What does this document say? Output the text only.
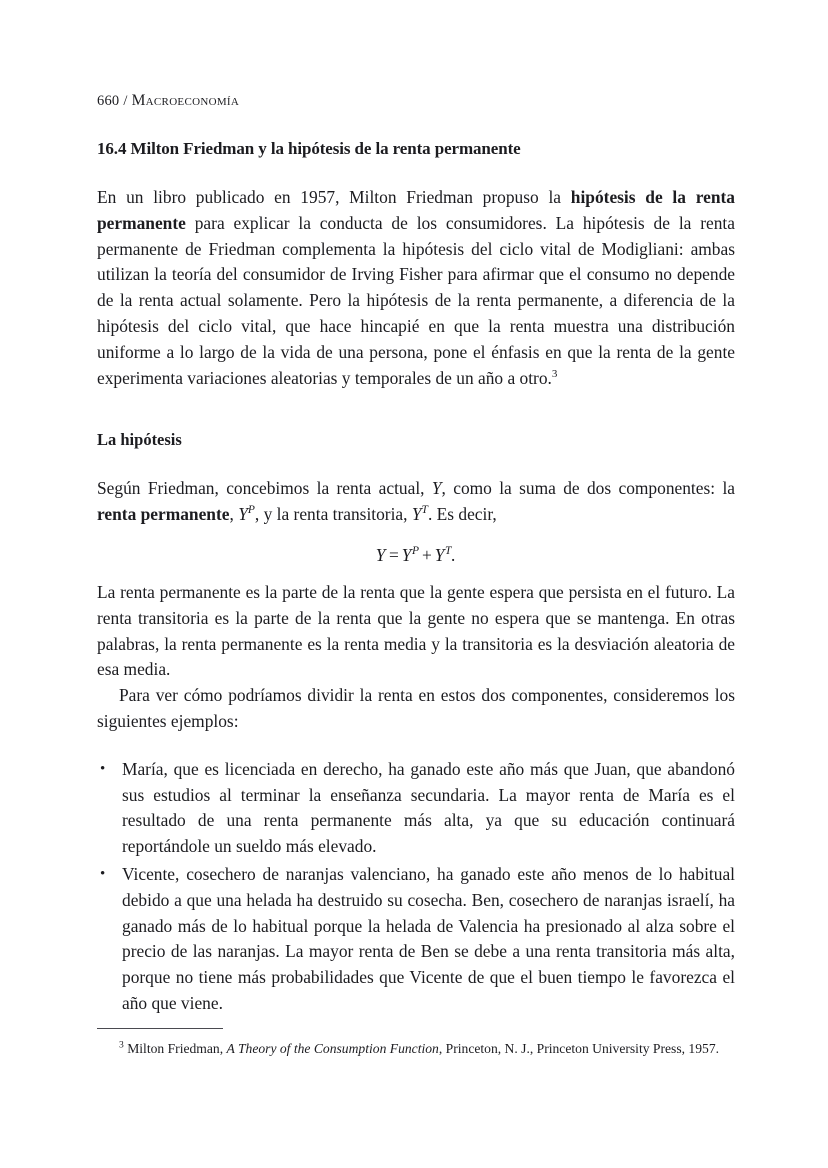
660 / Macroeconomía
16.4 Milton Friedman y la hipótesis de la renta permanente

En un libro publicado en 1957, Milton Friedman propuso la hipótesis de la renta permanente para explicar la conducta de los consumidores. La hipótesis de la renta permanente de Friedman complementa la hipótesis del ciclo vital de Modigliani: ambas utilizan la teoría del consumidor de Irving Fisher para afirmar que el consumo no depende de la renta actual solamente. Pero la hipótesis de la renta permanente, a diferencia de la hipótesis del ciclo vital, que hace hincapié en que la renta muestra una distribución uniforme a lo largo de la vida de una persona, pone el énfasis en que la renta de la gente experimenta variaciones aleatorias y temporales de un año a otro.$^3$

La hipótesis

Según Friedman, concebimos la renta actual, Y, como la suma de dos componentes: la renta permanente, $Y^P$, y la renta transitoria, $Y^T$. Es decir,

$Y = Y^P + Y^T$.

La renta permanente es la parte de la renta que la gente espera que persista en el futuro. La renta transitoria es la parte de la renta que la gente no espera que se mantenga. En otras palabras, la renta permanente es la renta media y la transitoria es la desviación aleatoria de esa media.

Para ver cómo podríamos dividir la renta en estos dos componentes, consideremos los siguientes ejemplos:

• María, que es licenciada en derecho, ha ganado este año más que Juan, que abandonó sus estudios al terminar la enseñanza secundaria. La mayor renta de María es el resultado de una renta permanente más alta, ya que su educación continuará reportándole un sueldo más elevado.
• Vicente, cosechero de naranjas valenciano, ha ganado este año menos de lo habitual debido a que una helada ha destruido su cosecha. Ben, cosechero de naranjas israelí, ha ganado más de lo habitual porque la helada de Valencia ha presionado al alza sobre el precio de las naranjas. La mayor renta de Ben se debe a una renta transitoria más alta, porque no tiene más probabilidades que Vicente de que el buen tiempo le favorezca el año que viene.

$^3$ Milton Friedman, A Theory of the Consumption Function, Princeton, N. J., Princeton University Press, 1957.
